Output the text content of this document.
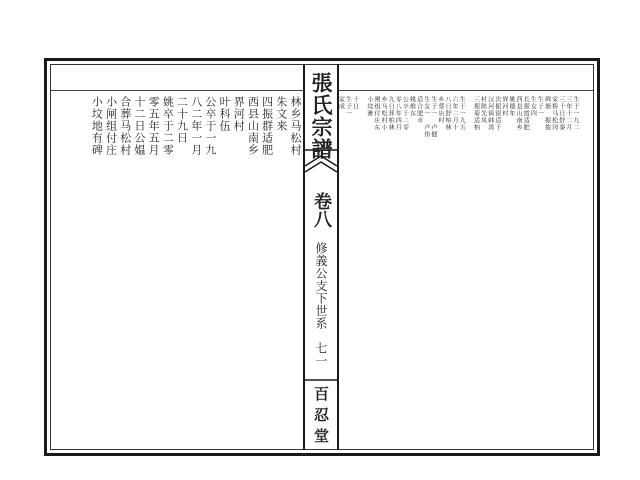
張氏宗譜
卷八
修義公支下世系　七一
百忍堂
生于一九二
三年十二月
三十日舒秦
家桥马松冈
碑塘　振俊
生子一
生女四
长振霞适肥
西县山南乡
姚德年
界河村
次振银适于
汉河镇韩湾
村陈先凤
三振菊适柏
生于一九五
六年二月十
八日舒柏林
乡蔡店村
生子一　卢健
生女一　卢伟
适合肥市
姚维东
公卒于二零
零八年四月
九日葬柏林
乡马松村小
闸组付庄东
小坟滩
十日
生子一
家成
林乡马松村
朱文来
四振群适肥
西县山南乡
界河村
叶科伍
公卒于一九
八二年一月
二十九日
姚卒于二零
零五年五月
十二日公媪
合葬马松村
小闸组付庄
小坟地有碑
